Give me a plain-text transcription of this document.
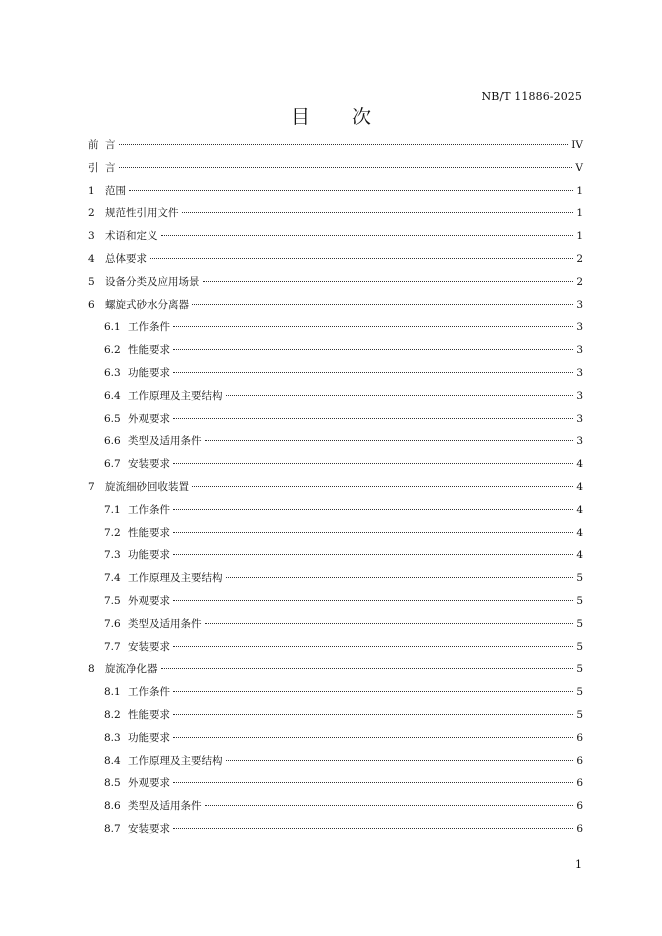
NB/T 11886-2025
目 次
前 言	IV
引 言	V
1 范围	1
2 规范性引用文件	1
3 术语和定义	1
4 总体要求	2
5 设备分类及应用场景	2
6 螺旋式砂水分离器	3
6.1 工作条件	3
6.2 性能要求	3
6.3 功能要求	3
6.4 工作原理及主要结构	3
6.5 外观要求	3
6.6 类型及适用条件	3
6.7 安装要求	4
7 旋流细砂回收装置	4
7.1 工作条件	4
7.2 性能要求	4
7.3 功能要求	4
7.4 工作原理及主要结构	5
7.5 外观要求	5
7.6 类型及适用条件	5
7.7 安装要求	5
8 旋流净化器	5
8.1 工作条件	5
8.2 性能要求	5
8.3 功能要求	6
8.4 工作原理及主要结构	6
8.5 外观要求	6
8.6 类型及适用条件	6
8.7 安装要求	6
1
